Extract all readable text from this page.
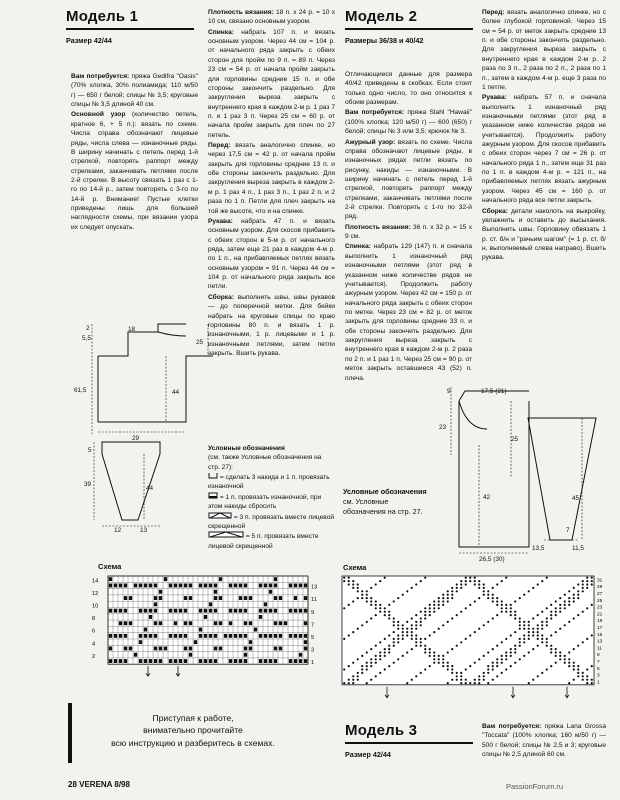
Модель 1
Размер 42/44

Вам потребуется: пряжа Gedifra "Oasis" (70% хлопка, 30% полиамида; 110 м/50 г) — 650 г белой; спицы № 3,5; круговые спицы № 3,5 длиной 40 см.

Основной узор (количество петель, кратное 6, + 5 п.): вязать по схеме. Числа справа обозначают лицевые ряды, числа слева — изнаночные ряды. В ширину начинать с петель перед 1-й стрелкой, повторять раппорт между стрелками, заканчивать петлями после 2-й стрелки. В высоту связать 1 раз с 1-го по 14-й р., затем повторять с 3-го по 14-й р. Внимание! Пустые клетки приведены лишь для большей наглядности схемы, при вязании узора их следует опускать.

2
5,5
18
25
61,5	44
29
5
39
44
12	13

Плотность вязания: 18 п. х 24 р. = 10 х 10 см, связано основным узором.

Спинка: набрать 107 п. и вязать основным узором. Через 44 см = 104 р. от начального ряда закрыть с обеих сторон для пройм по 9 п. = 89 п. Через 23 см = 54 р. от начала пройм закрыть для горловины средние 15 п. и обе стороны закончить раздельно. Для закругления выреза закрыть с внутреннего края в каждом 2-м р. 1 раз 7 п. и 1 раз 3 п. Через 25 см = 60 р. от начала пройм закрыть для плеч по 27 петель.

Перед: вязать аналогично спинке, но через 17,5 см = 42 р. от начала пройм закрыть для горловины средние 13 п. и обе стороны закончить раздельно. Для закругления выреза закрыть в каждом 2-м р. 1 раз 4 п., 1 раз 3 п., 1 раз 2 п. и 2 раза по 1 п. Петли для плеч закрыть на той же высоте, что и на спинке.

Рукава: набрать 47 п. и вязать основным узором. Для скосов прибавить с обеих сторон в 5-м р. от начального ряда, затем еще 21 раз в каждом 4-м р. по 1 п., на прибавляемых петлях вязать основным узором = 91 п. Через 44 см = 104 р. от начального ряда закрыть все петли.

Сборка: выполнить швы, швы рукавов — до поперечной метки. Для бейки набрать на круговые спицы по краю горловины 80 п. и вязать 1 р. изнаночными, 1 р. лицевыми и 1 р. изнаночными петлями, затем петли закрыть. Вшить рукава.

Условные обозначения
(см. также Условные обозначения на стр. 27):
= сделать 3 накида и 1 п. провязать изнаночной
= 1 п. провязать изнаночной, при этом накиды сбросить
= 3 п. провязать вместе лицевой скрещенной
= 5 п. провязать вместе лицевой скрещенной
Схема
14
12
10
8
6
4
2
13
11
9
7
5
3
1
Модель 2
Размеры 36/38 и 40/42

Отличающиеся данные для размера 40/42 приведены в скобках. Если стоит только одно число, то оно относится к обоим размерам.

Вам потребуется: пряжа Stahl "Hawaii" (100% хлопка; 120 м/50 г) — 600 (650) г белой; спицы № 3 или 3,5; крючок № 3.

Ажурный узор: вязать по схеме. Числа справа обозначают лицевые ряды, в изнаночных рядах петли вязать по рисунку, накиды — изнаночными. В ширину начинать с петель перед 1-й стрелкой, повторять раппорт между стрелками, заканчивать петлями после 2-й стрелки. Повторять с 1-го по 32-й ряд.

Плотность вязания: 36 п. х 32 р. = 15 х 9 см.

Спинка: набрать 129 (147) п. и сначала выполнить 1 изнаночный ряд изнаночными петлями (этот ряд в указанном ниже количестве рядов не учитывается). Продолжить работу ажурным узором. Через 42 см = 150 р. от начального ряда закрыть с обеих сторон по метке. Через 23 см = 82 р. от меток закрыть для горловины средние 33 п. и обе стороны закончить раздельно. Для закругления выреза закрыть с внутреннего края в каждом 2-м р. 2 раза по 2 п. и 1 раз 1 п. Через 25 см = 90 р. от меток закрыть оставшиеся 43 (52) п. плеча.

Перед: вязать аналогично спинке, но с более глубокой горловиной. Через 15 см = 54 р. от меток закрыть средние 13 п. и обе стороны закончить раздельно. Для закругления выреза закрыть с внутреннего края в каждом 2-м р. 2 раза по 3 п., 2 раза по 2 п., 2 раза по 1 п., затем в каждом 4-м р. еще 3 раза по 1 петле.

Рукава: набрать 57 п. и сначала выполнить 1 изнаночный ряд изнаночными петлями (этот ряд в указанном ниже количестве рядов не учитывается). Продолжить работу ажурным узором. Для скосов прибавить с обеих сторон через 7 см = 26 р. от начального ряда 1 п., затем еще 31 раз по 1 п. в каждом 4-м р. = 121 п., на прибавляемых петлях вязать ажурным узором. Через 45 см = 160 р. от начального ряда все петли закрыть.

Сборка: детали наколоть на выкройку, увлажнить и оставить до высыхания. Выполнить швы. Горловину обвязать 1 р. ст. б/н и "рачьим шагом" (= 1 р. ст. б/н, выполняемый слева направо). Вшить рукава.

Условные обозначения
см. Условные обозначения на стр. 27.
9	17,5 (21)
25
23
42
26,5 (30)
45
7
13,5	11,5
Схема
31
29
27
25
23
21
19
17
15
13
11
9
7
5
3
1
Приступая к работе,
внимательно прочитайте
всю инструкцию и разберитесь в схемах.
Модель 3
Размер 42/44

Вам потребуется: пряжа Lana Grossa "Toccata" (100% хлопка; 160 м/50 г) — 500 г белой; спицы № 2,5 и 3; круговые спицы № 2,5 длиной 60 см.

28 VERENA 8/98	PassionForum.ru
